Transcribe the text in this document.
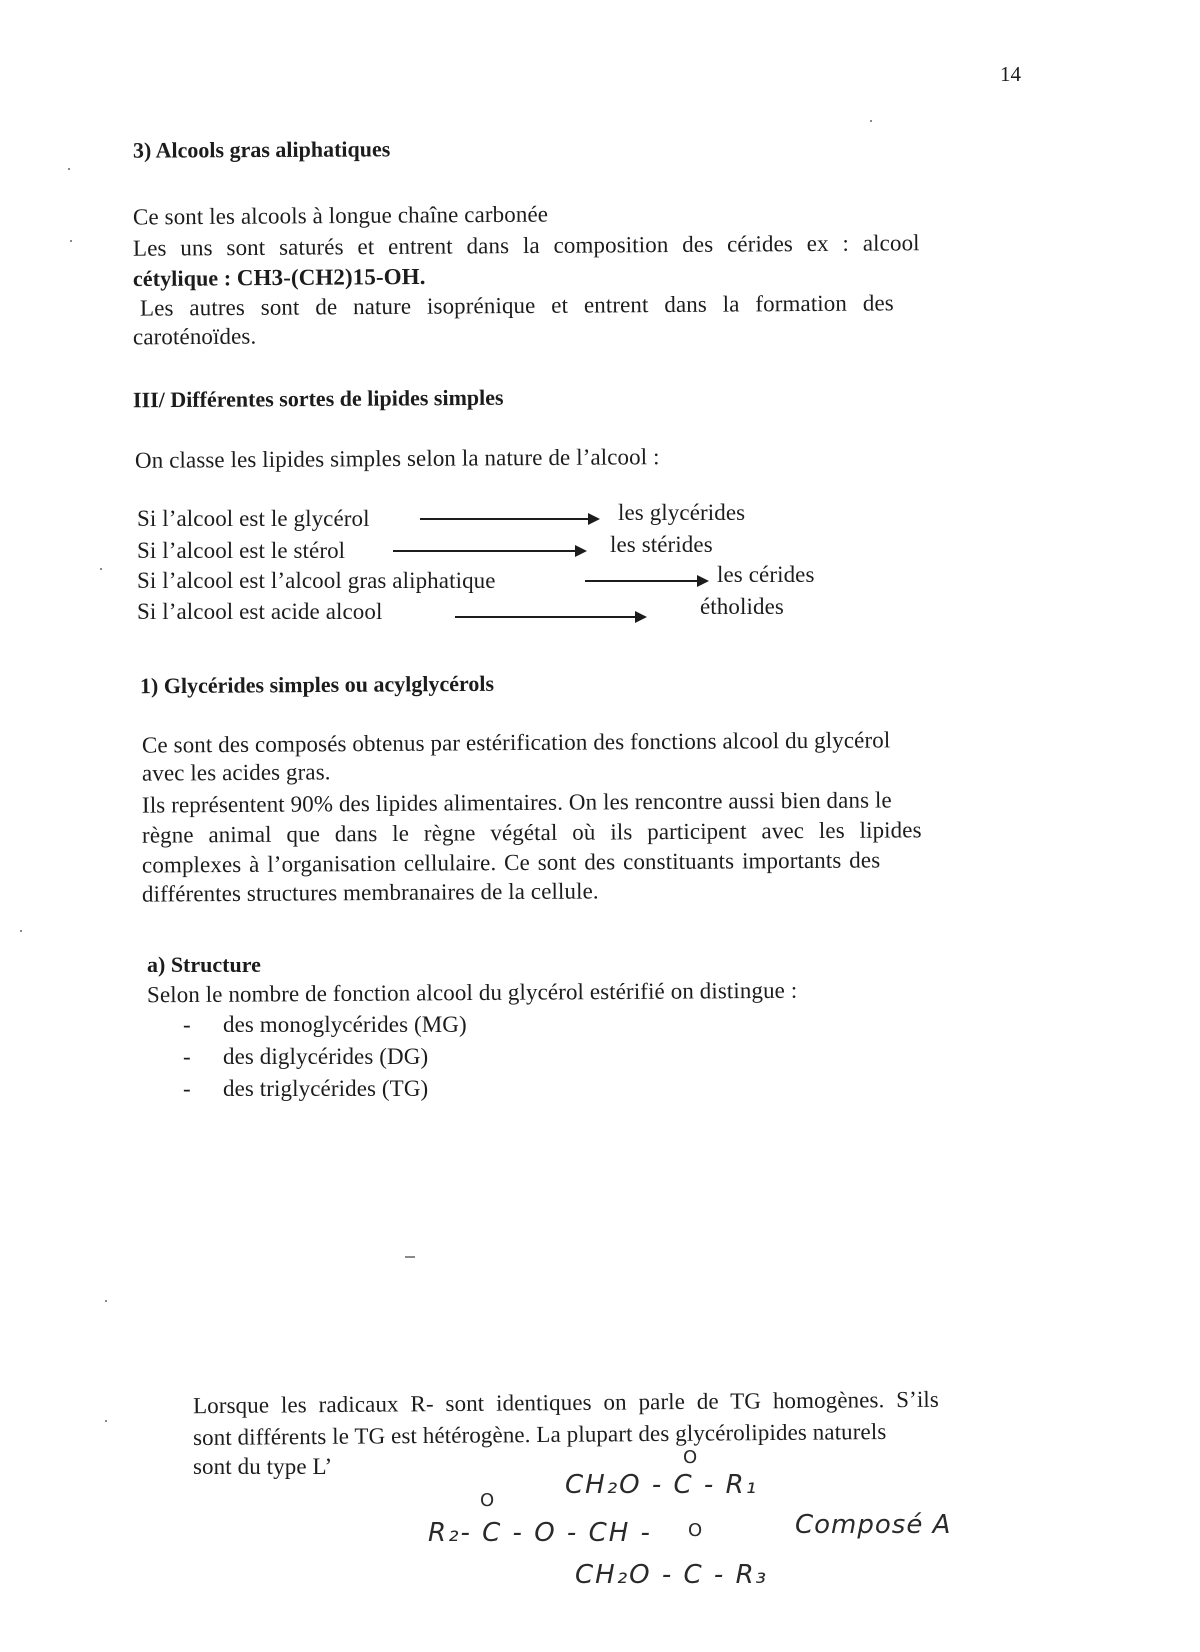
14
3) Alcools gras aliphatiques
Ce sont les alcools à longue chaîne carbonée
Les uns sont saturés et entrent dans la composition des cérides ex : alcool
cétylique : CH3-(CH2)15-OH.
Les autres sont de nature isoprénique et entrent dans la formation des
caroténoïdes.
III/ Différentes sortes de lipides simples
On classe les lipides simples selon la nature de l’alcool :
Si l’alcool est le glycérol	les glycérides
Si l’alcool est le stérol	les stérides
Si l’alcool est l’alcool gras aliphatique	les cérides
Si l’alcool est acide alcool	étholides
1) Glycérides simples ou acylglycérols
Ce sont des composés obtenus par estérification des fonctions alcool du glycérol
avec les acides gras.
Ils représentent 90% des lipides alimentaires. On les rencontre aussi bien dans le
règne animal que dans le règne végétal où ils participent avec les lipides
complexes à l’organisation cellulaire. Ce sont des constituants importants des
différentes structures membranaires de la cellule.
a) Structure
Selon le nombre de fonction alcool du glycérol estérifié on distingue :
- des monoglycérides (MG)
- des diglycérides (DG)
- des triglycérides (TG)
Lorsque les radicaux R- sont identiques on parle de TG homogènes. S’ils
sont différents le TG est hétérogène. La plupart des glycérolipides naturels
sont du type L’	O
CH₂O - C - R₁
O
R₂- C - O - CH - O
CH₂O - C - R₃
Composé A
